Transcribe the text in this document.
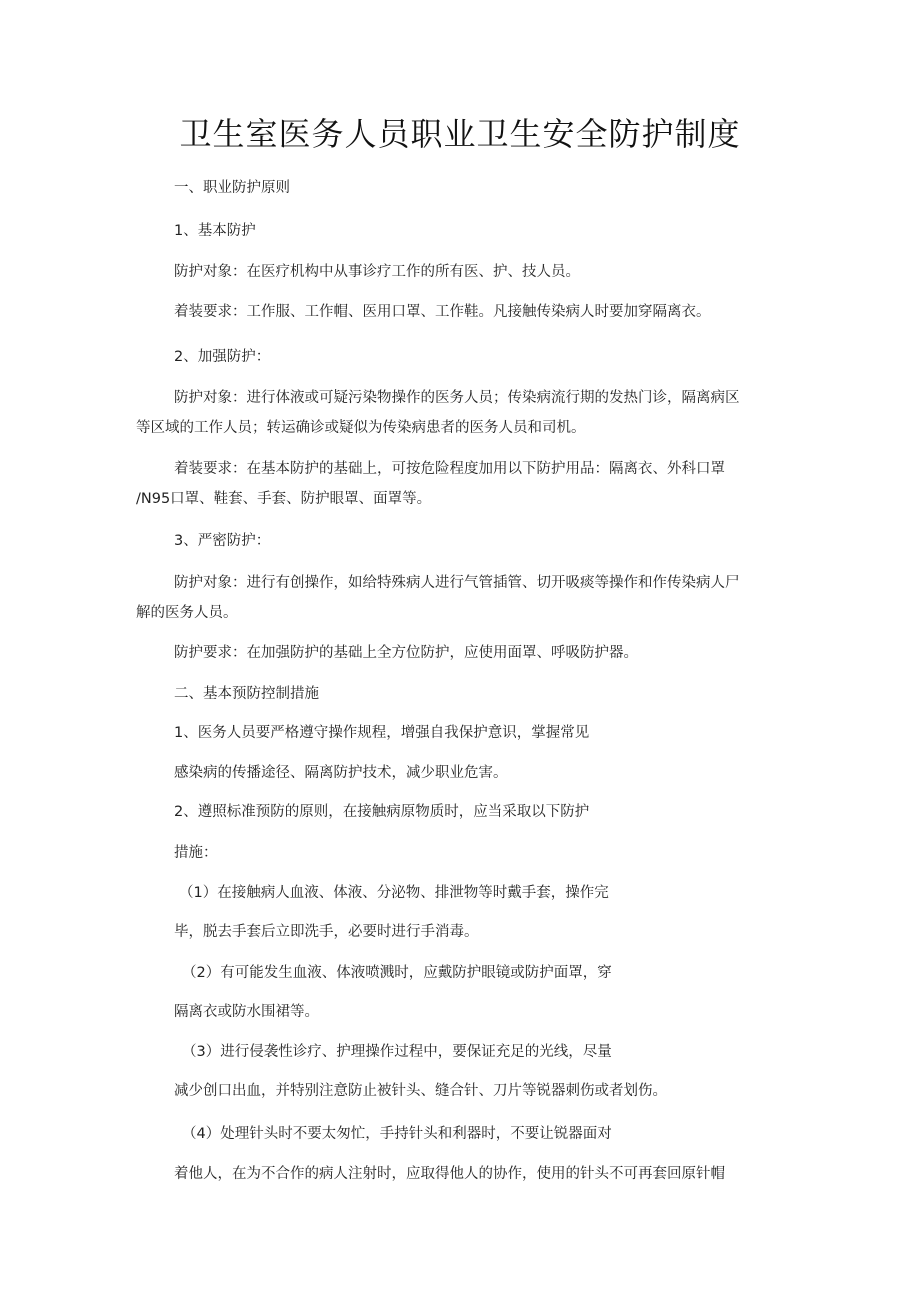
卫生室医务人员职业卫生安全防护制度
一、职业防护原则
1、基本防护
防护对象：在医疗机构中从事诊疗工作的所有医、护、技人员。
着装要求：工作服、工作帽、医用口罩、工作鞋。凡接触传染病人时要加穿隔离衣。
2、加强防护：
防护对象：进行体液或可疑污染物操作的医务人员；传染病流行期的发热门诊，隔离病区
等区域的工作人员；转运确诊或疑似为传染病患者的医务人员和司机。
着装要求：在基本防护的基础上，可按危险程度加用以下防护用品：隔离衣、外科口罩
/N95口罩、鞋套、手套、防护眼罩、面罩等。
3、严密防护：
防护对象：进行有创操作，如给特殊病人进行气管插管、切开吸痰等操作和作传染病人尸
解的医务人员。
防护要求：在加强防护的基础上全方位防护，应使用面罩、呼吸防护器。
二、基本预防控制措施
1、医务人员要严格遵守操作规程，增强自我保护意识，掌握常见
感染病的传播途径、隔离防护技术，减少职业危害。
2、遵照标准预防的原则，在接触病原物质时，应当采取以下防护
措施：
（1）在接触病人血液、体液、分泌物、排泄物等时戴手套，操作完
毕，脱去手套后立即洗手，必要时进行手消毒。
（2）有可能发生血液、体液喷溅时，应戴防护眼镜或防护面罩，穿
隔离衣或防水围裙等。
（3）进行侵袭性诊疗、护理操作过程中，要保证充足的光线，尽量
减少创口出血，并特别注意防止被针头、缝合针、刀片等锐器刺伤或者划伤。
（4）处理针头时不要太匆忙，手持针头和利器时，不要让锐器面对
着他人，在为不合作的病人注射时，应取得他人的协作，使用的针头不可再套回原针帽
